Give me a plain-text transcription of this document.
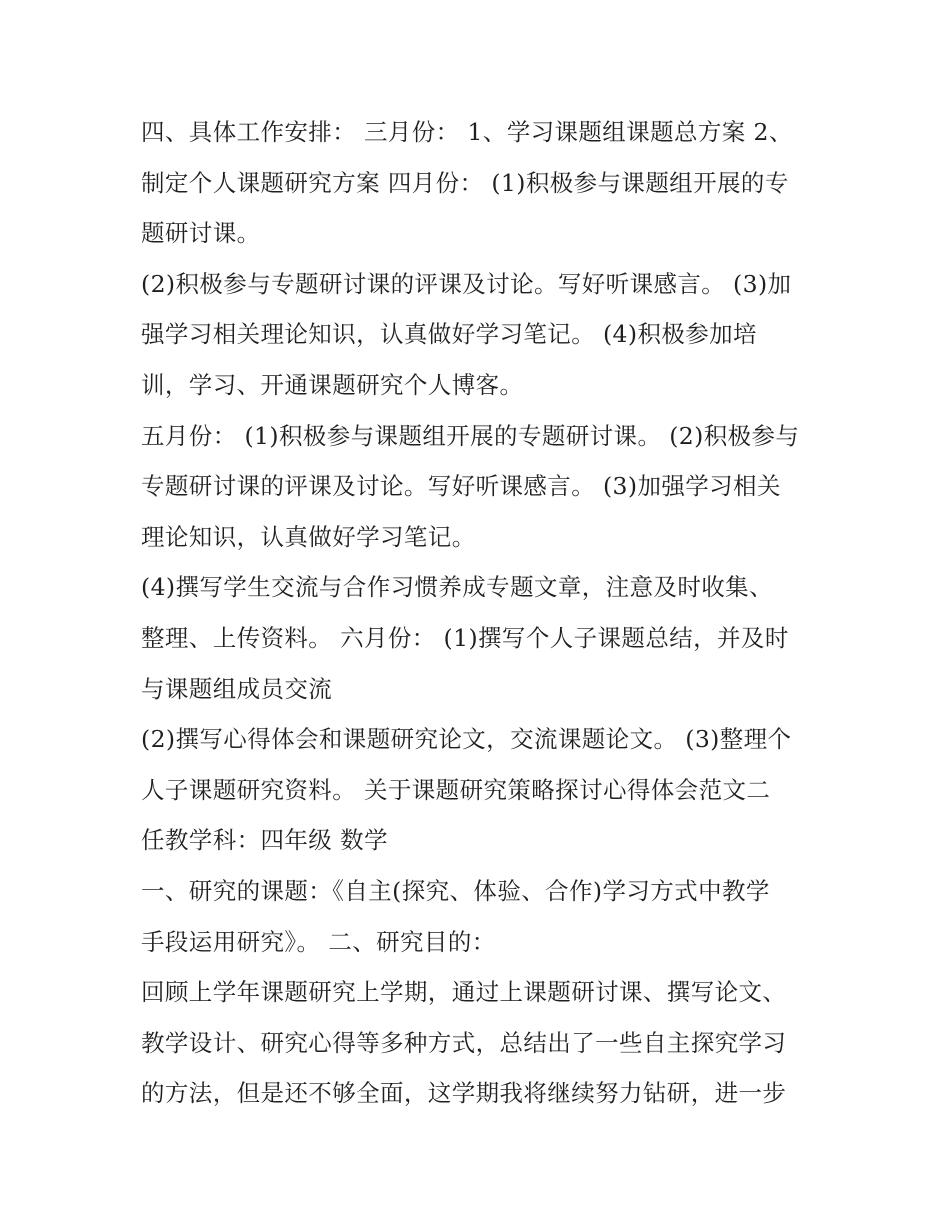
四、具体工作安排： 三月份： 1、学习课题组课题总方案 2、
制定个人课题研究方案 四月份： (1)积极参与课题组开展的专
题研讨课。
(2)积极参与专题研讨课的评课及讨论。写好听课感言。 (3)加
强学习相关理论知识，认真做好学习笔记。 (4)积极参加培
训，学习、开通课题研究个人博客。
五月份： (1)积极参与课题组开展的专题研讨课。 (2)积极参与
专题研讨课的评课及讨论。写好听课感言。 (3)加强学习相关
理论知识，认真做好学习笔记。
(4)撰写学生交流与合作习惯养成专题文章，注意及时收集、
整理、上传资料。 六月份： (1)撰写个人子课题总结，并及时
与课题组成员交流
(2)撰写心得体会和课题研究论文，交流课题论文。 (3)整理个
人子课题研究资料。 关于课题研究策略探讨心得体会范文二
任教学科：四年级 数学
一、研究的课题：《自主(探究、体验、合作)学习方式中教学
手段运用研究》。 二、研究目的：
回顾上学年课题研究上学期，通过上课题研讨课、撰写论文、
教学设计、研究心得等多种方式，总结出了一些自主探究学习
的方法，但是还不够全面，这学期我将继续努力钻研，进一步
